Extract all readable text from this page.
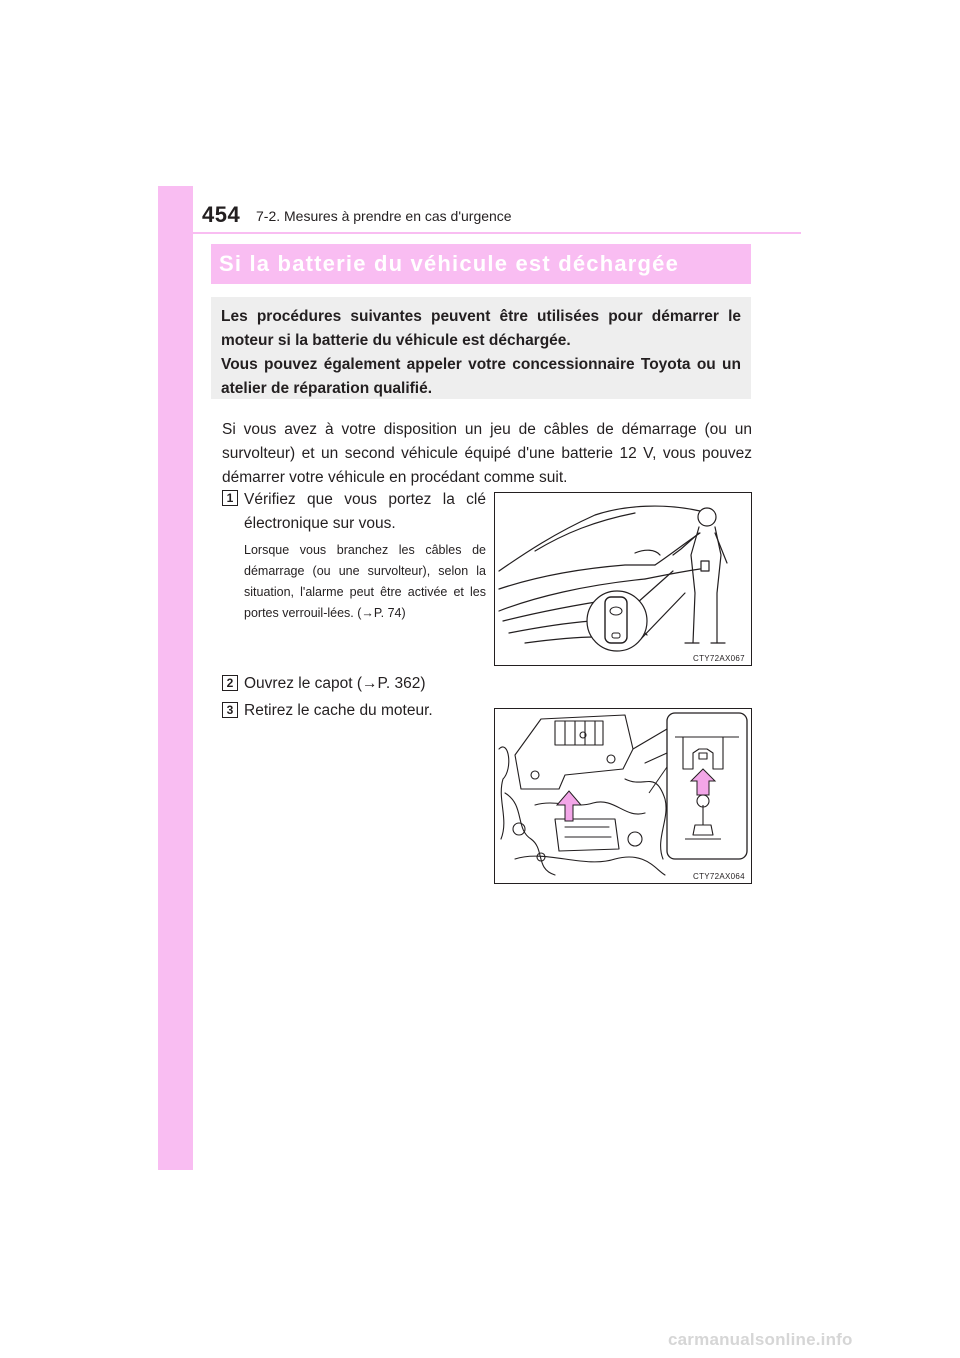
454 7-2. Mesures à prendre en cas d'urgence
Si la batterie du véhicule est déchargée

Les procédures suivantes peuvent être utilisées pour démarrer le moteur si la batterie du véhicule est déchargée.

Vous pouvez également appeler votre concessionnaire Toyota ou un atelier de réparation qualifié.

Si vous avez à votre disposition un jeu de câbles de démarrage (ou un survolteur) et un second véhicule équipé d'une batterie 12 V, vous pouvez démarrer votre véhicule en procédant comme suit.
1 Vérifiez que vous portez la clé électronique sur vous.
Lorsque vous branchez les câbles de démarrage (ou une survolteur), selon la situation, l'alarme peut être activée et les portes verrouil-lées. (→P. 74)
2 Ouvrez le capot (→P. 362)
3 Retirez le cache du moteur.
CTY72AX067
CTY72AX064
carmanualsonline.info
